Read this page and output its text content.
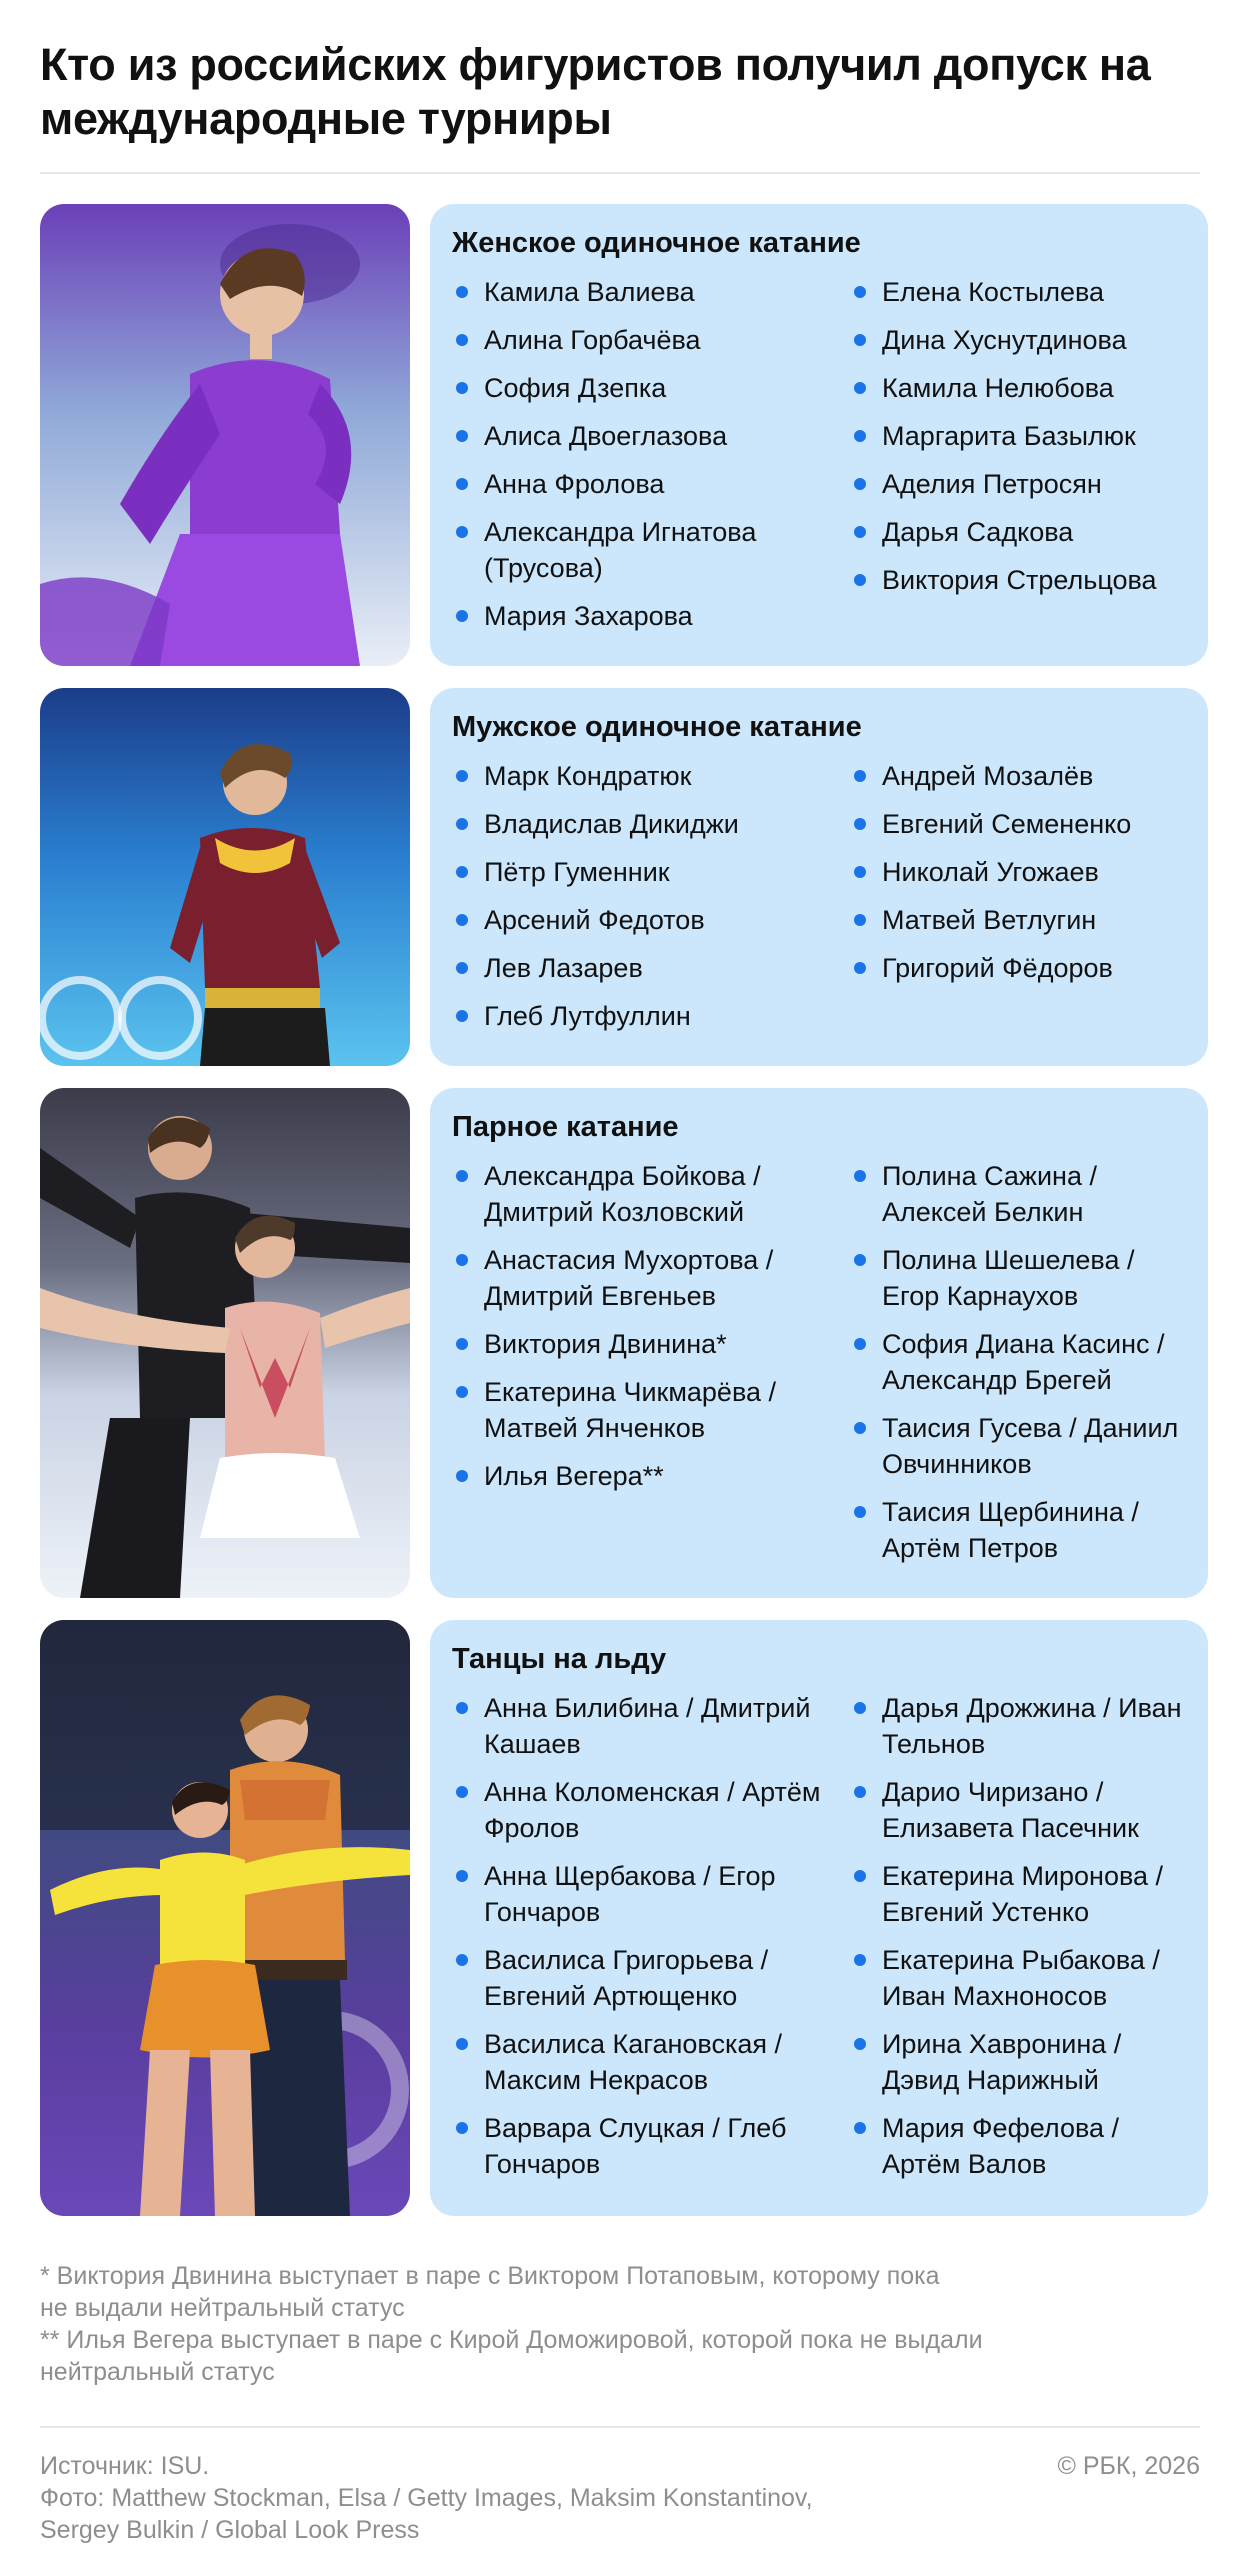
Кто из российских фигуристов получил допуск на международные турниры
Женское одиночное катание
Камила Валиева
Алина Горбачёва
София Дзепка
Алиса Двоеглазова
Анна Фролова
Александра Игнатова (Трусова)
Мария Захарова
Елена Костылева
Дина Хуснутдинова
Камила Нелюбова
Маргарита Базылюк
Аделия Петросян
Дарья Садкова
Виктория Стрельцова
Мужское одиночное катание
Марк Кондратюк
Владислав Дикиджи
Пётр Гуменник
Арсений Федотов
Лев Лазарев
Глеб Лутфуллин
Андрей Мозалёв
Евгений Семененко
Николай Угожаев
Матвей Ветлугин
Григорий Фёдоров
Парное катание
Александра Бойкова / Дмитрий Козловский
Анастасия Мухортова / Дмитрий Евгеньев
Виктория Двинина*
Екатерина Чикмарёва / Матвей Янченков
Илья Вегера**
Полина Сажина / Алексей Белкин
Полина Шешелева / Егор Карнаухов
София Диана Касинс / Александр Брегей
Таисия Гусева / Даниил Овчинников
Таисия Щербинина / Артём Петров
Танцы на льду
Анна Билибина / Дмитрий Кашаев
Анна Коломенская / Артём Фролов
Анна Щербакова / Егор Гончаров
Василиса Григорьева / Евгений Артющенко
Василиса Кагановская / Максим Некрасов
Варвара Слуцкая / Глеб Гончаров
Дарья Дрожжина / Иван Тельнов
Дарио Чиризано / Елизавета Пасечник
Екатерина Миронова / Евгений Устенко
Екатерина Рыбакова / Иван Махноносов
Ирина Хавронина / Дэвид Нарижный
Мария Фефелова / Артём Валов
* Виктория Двинина выступает в паре с Виктором Потаповым, которому пока
не выдали нейтральный статус
** Илья Вегера выступает в паре с Кирой Доможировой, которой пока не выдали
нейтральный статус
Источник: ISU.
Фото: Matthew Stockman, Elsa / Getty Images, Maksim Konstantinov,
Sergey Bulkin / Global Look Press
© РБК, 2026
